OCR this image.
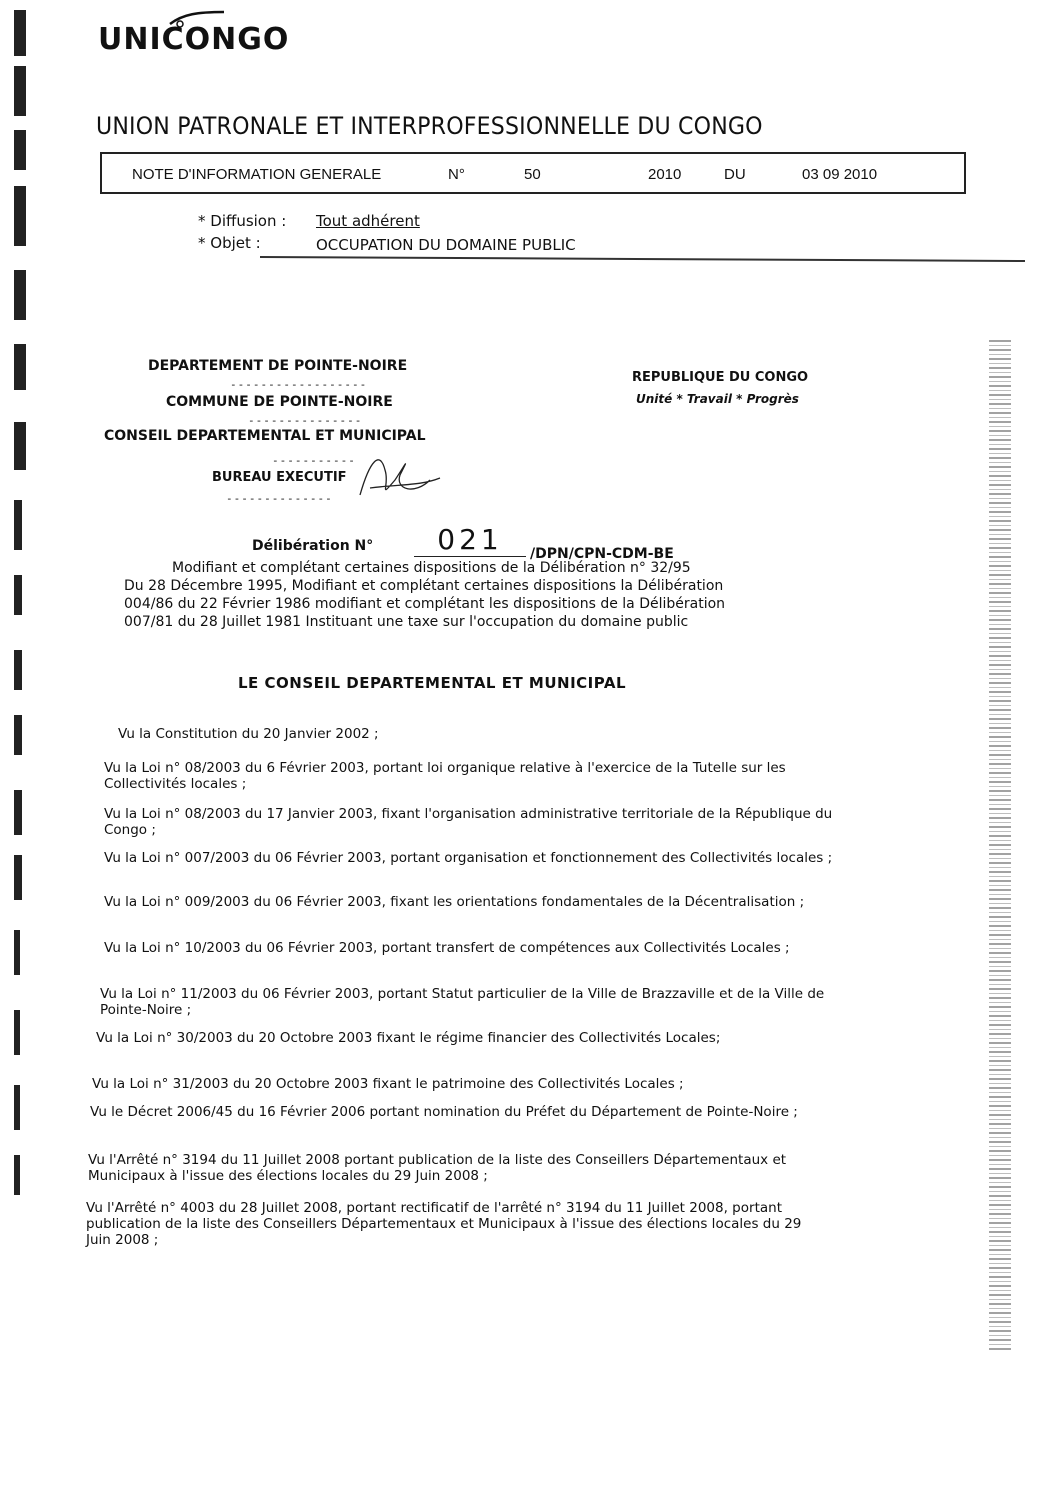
UNICONGO
UNION PATRONALE ET INTERPROFESSIONNELLE DU CONGO
NOTE D'INFORMATION GENERALE	N°	50	2010	DU	03 09 2010
* Diffusion : Tout adhérent
* Objet :	OCCUPATION DU DOMAINE PUBLIC
DEPARTEMENT DE POINTE-NOIRE
------------------
COMMUNE DE POINTE-NOIRE
---------------
CONSEIL DEPARTEMENTAL ET MUNICIPAL
-----------
BUREAU EXECUTIF
--------------
REPUBLIQUE DU CONGO
Unité * Travail * Progrès
Délibération N°	021	/DPN/CPN-CDM-BE
Modifiant et complétant certaines dispositions de la Délibération n° 32/95
Du 28 Décembre 1995, Modifiant et complétant certaines dispositions la Délibération
004/86 du 22 Février 1986 modifiant et complétant les dispositions de la Délibération
007/81 du 28 Juillet 1981 Instituant une taxe sur l'occupation du domaine public
LE CONSEIL DEPARTEMENTAL ET MUNICIPAL
Vu la Constitution du 20 Janvier 2002 ;
Vu la Loi n° 08/2003 du 6 Février 2003, portant loi organique relative à l'exercice de la Tutelle sur les Collectivités locales ;
Vu la Loi n° 08/2003 du 17 Janvier 2003, fixant l'organisation administrative territoriale de la République du Congo ;
Vu la Loi n° 007/2003 du 06 Février 2003, portant organisation et fonctionnement des Collectivités locales ;
Vu la Loi n° 009/2003 du 06 Février 2003, fixant les orientations fondamentales de la Décentralisation ;
Vu la Loi n° 10/2003 du 06 Février 2003, portant transfert de compétences aux Collectivités Locales ;
Vu la Loi n° 11/2003 du 06 Février 2003, portant Statut particulier de la Ville de Brazzaville et de la Ville de Pointe-Noire ;
Vu la Loi n° 30/2003 du 20 Octobre 2003 fixant le régime financier des Collectivités Locales;
Vu la Loi n° 31/2003 du 20 Octobre 2003 fixant le patrimoine des Collectivités Locales ;
Vu le Décret 2006/45 du 16 Février 2006 portant nomination du Préfet du Département de Pointe-Noire ;
Vu l'Arrêté n° 3194 du 11 Juillet 2008 portant publication de la liste des Conseillers Départementaux et Municipaux à l'issue des élections locales du 29 Juin 2008 ;
Vu l'Arrêté n° 4003 du 28 Juillet 2008, portant rectificatif de l'arrêté n° 3194 du 11 Juillet 2008, portant publication de la liste des Conseillers Départementaux et Municipaux à l'issue des élections locales du 29 Juin 2008 ;
